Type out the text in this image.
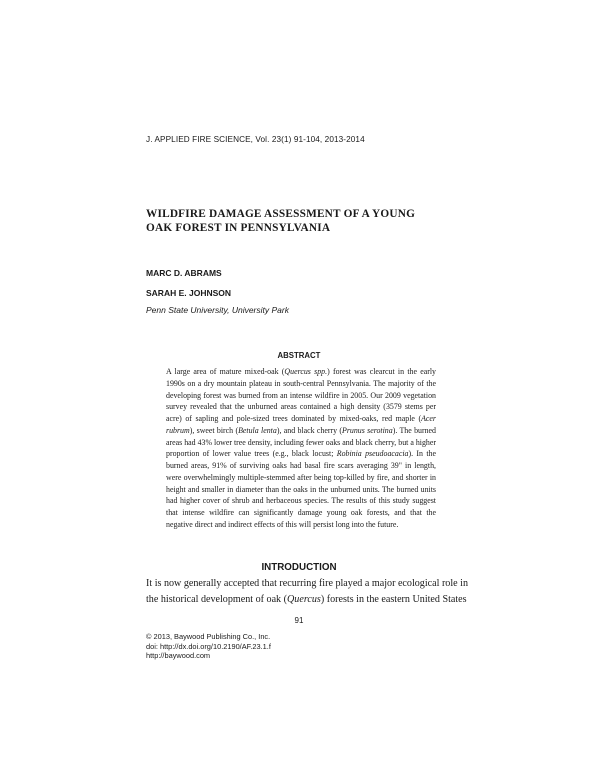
J. APPLIED FIRE SCIENCE, Vol. 23(1) 91-104, 2013-2014
WILDFIRE DAMAGE ASSESSMENT OF A YOUNG
OAK FOREST IN PENNSYLVANIA
MARC D. ABRAMS
SARAH E. JOHNSON
Penn State University, University Park
ABSTRACT
A large area of mature mixed-oak (Quercus spp.) forest was clearcut in the early 1990s on a dry mountain plateau in south-central Pennsylvania. The majority of the developing forest was burned from an intense wildfire in 2005. Our 2009 vegetation survey revealed that the unburned areas contained a high density (3579 stems per acre) of sapling and pole-sized trees dominated by mixed-oaks, red maple (Acer rubrum), sweet birch (Betula lenta), and black cherry (Prunus serotina). The burned areas had 43% lower tree density, including fewer oaks and black cherry, but a higher proportion of lower value trees (e.g., black locust; Robinia pseudoacacia). In the burned areas, 91% of surviving oaks had basal fire scars averaging 39" in length, were overwhelmingly multiple-stemmed after being top-killed by fire, and shorter in height and smaller in diameter than the oaks in the unburned units. The burned units had higher cover of shrub and herbaceous species. The results of this study suggest that intense wildfire can significantly damage young oak forests, and that the negative direct and indirect effects of this will persist long into the future.
INTRODUCTION
It is now generally accepted that recurring fire played a major ecological role in
the historical development of oak (Quercus) forests in the eastern United States
91
© 2013, Baywood Publishing Co., Inc.
doi: http://dx.doi.org/10.2190/AF.23.1.f
http://baywood.com
